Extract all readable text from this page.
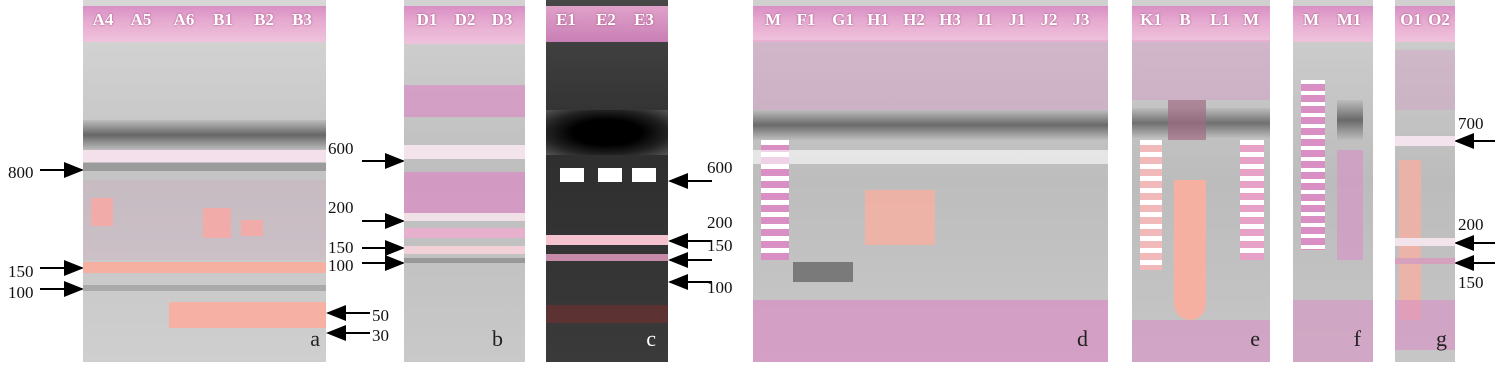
A4 A5 A6 B1 B2 B3
a
800
150
100
600
200
150
100
50
30
D1 D2 D3
b
E1 E2 E3
c
600
200
150
100
M F1 G1 H1 H2 H3 I1 J1 J2 J3
d
K1 B L1 M
e
M M1
f
O1 O2
g
700
200
150
